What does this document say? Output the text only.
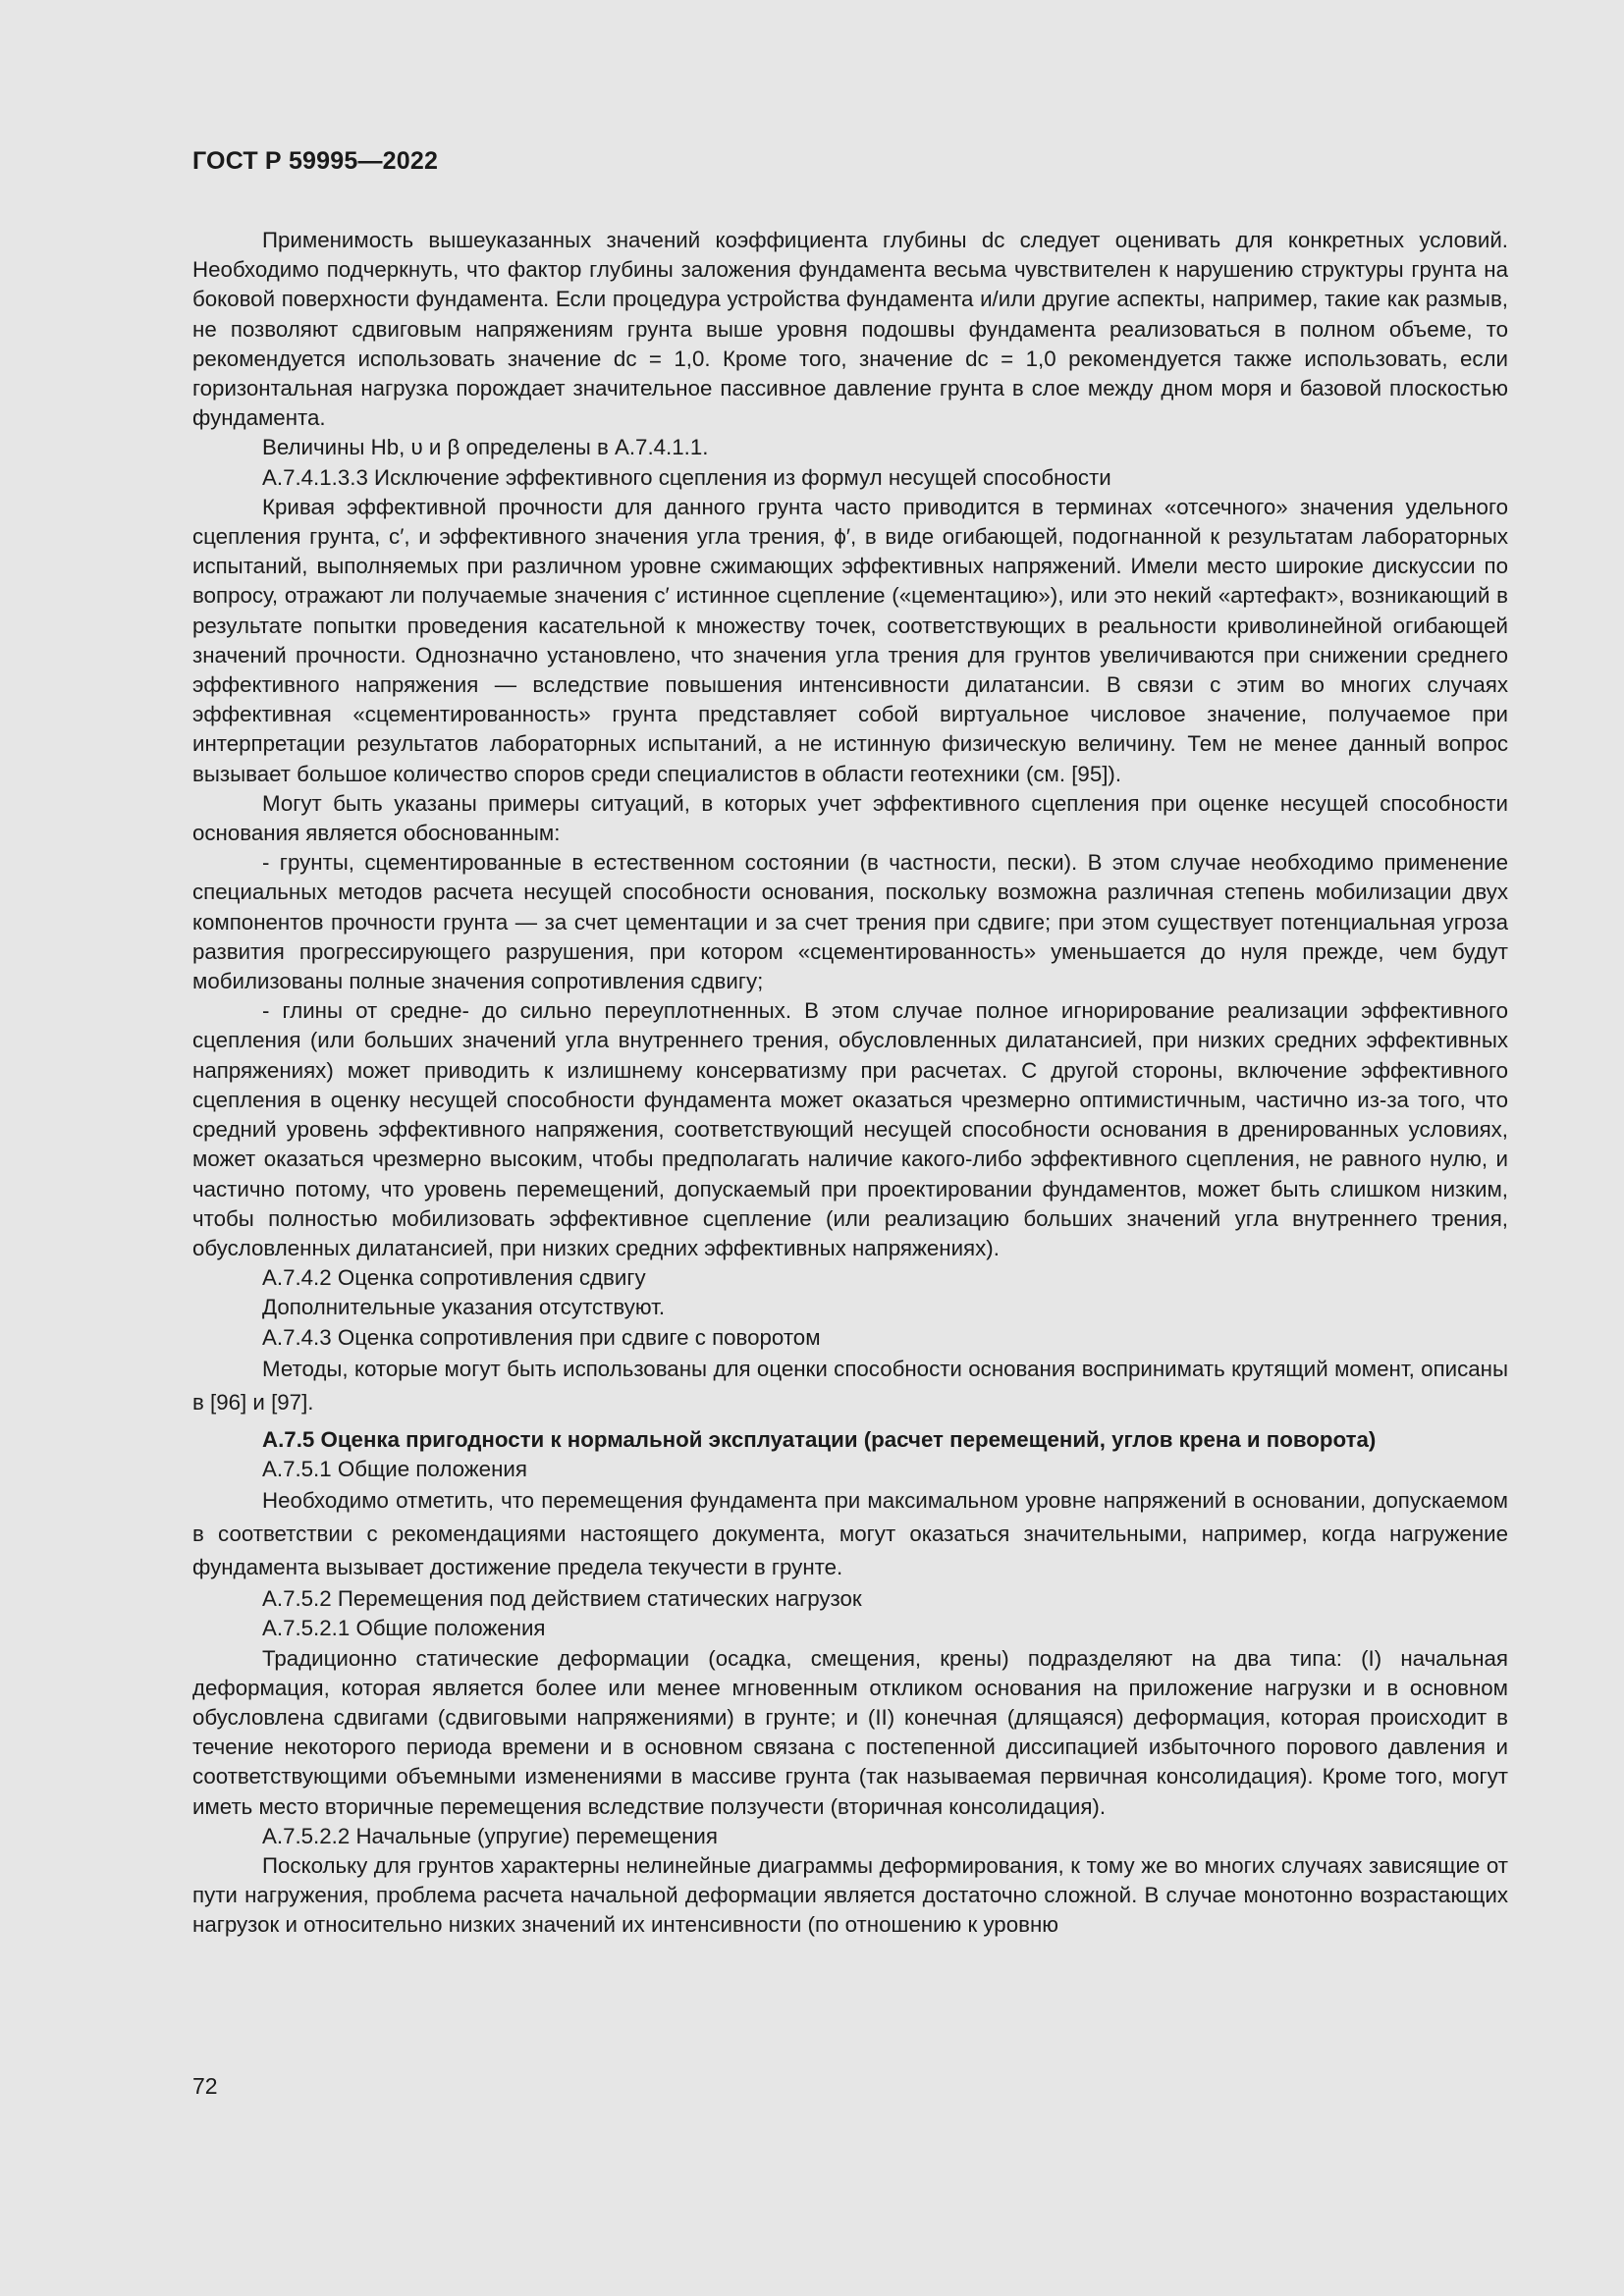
ГОСТ Р 59995—2022

Применимость вышеуказанных значений коэффициента глубины dc следует оценивать для конкретных условий. Необходимо подчеркнуть, что фактор глубины заложения фундамента весьма чувствителен к нарушению структуры грунта на боковой поверхности фундамента. Если процедура устройства фундамента и/или другие аспекты, например, такие как размыв, не позволяют сдвиговым напряжениям грунта выше уровня подошвы фундамента реализоваться в полном объеме, то рекомендуется использовать значение dc = 1,0. Кроме того, значение dc = 1,0 рекомендуется также использовать, если горизонтальная нагрузка порождает значительное пассивное давление грунта в слое между дном моря и базовой плоскостью фундамента.

Величины Hb, υ и β определены в А.7.4.1.1.

А.7.4.1.3.3 Исключение эффективного сцепления из формул несущей способности

Кривая эффективной прочности для данного грунта часто приводится в терминах «отсечного» значения удельного сцепления грунта, c′, и эффективного значения угла трения, ϕ′, в виде огибающей, подогнанной к результатам лабораторных испытаний, выполняемых при различном уровне сжимающих эффективных напряжений. Имели место широкие дискуссии по вопросу, отражают ли получаемые значения c′ истинное сцепление («цементацию»), или это некий «артефакт», возникающий в результате попытки проведения касательной к множеству точек, соответствующих в реальности криволинейной огибающей значений прочности. Однозначно установлено, что значения угла трения для грунтов увеличиваются при снижении среднего эффективного напряжения — вследствие повышения интенсивности дилатансии. В связи с этим во многих случаях эффективная «сцементированность» грунта представляет собой виртуальное числовое значение, получаемое при интерпретации результатов лабораторных испытаний, а не истинную физическую величину. Тем не менее данный вопрос вызывает большое количество споров среди специалистов в области геотехники (см. [95]).

Могут быть указаны примеры ситуаций, в которых учет эффективного сцепления при оценке несущей способности основания является обоснованным:

- грунты, сцементированные в естественном состоянии (в частности, пески). В этом случае необходимо применение специальных методов расчета несущей способности основания, поскольку возможна различная степень мобилизации двух компонентов прочности грунта — за счет цементации и за счет трения при сдвиге; при этом существует потенциальная угроза развития прогрессирующего разрушения, при котором «сцементированность» уменьшается до нуля прежде, чем будут мобилизованы полные значения сопротивления сдвигу;

- глины от средне- до сильно переуплотненных. В этом случае полное игнорирование реализации эффективного сцепления (или больших значений угла внутреннего трения, обусловленных дилатансией, при низких средних эффективных напряжениях) может приводить к излишнему консерватизму при расчетах. С другой стороны, включение эффективного сцепления в оценку несущей способности фундамента может оказаться чрезмерно оптимистичным, частично из-за того, что средний уровень эффективного напряжения, соответствующий несущей способности основания в дренированных условиях, может оказаться чрезмерно высоким, чтобы предполагать наличие какого-либо эффективного сцепления, не равного нулю, и частично потому, что уровень перемещений, допускаемый при проектировании фундаментов, может быть слишком низким, чтобы полностью мобилизовать эффективное сцепление (или реализацию больших значений угла внутреннего трения, обусловленных дилатансией, при низких средних эффективных напряжениях).

А.7.4.2 Оценка сопротивления сдвигу

Дополнительные указания отсутствуют.

А.7.4.3 Оценка сопротивления при сдвиге с поворотом

Методы, которые могут быть использованы для оценки способности основания воспринимать крутящий момент, описаны в [96] и [97].

А.7.5 Оценка пригодности к нормальной эксплуатации (расчет перемещений, углов крена и поворота)

А.7.5.1 Общие положения

Необходимо отметить, что перемещения фундамента при максимальном уровне напряжений в основании, допускаемом в соответствии с рекомендациями настоящего документа, могут оказаться значительными, например, когда нагружение фундамента вызывает достижение предела текучести в грунте.

А.7.5.2 Перемещения под действием статических нагрузок

А.7.5.2.1 Общие положения

Традиционно статические деформации (осадка, смещения, крены) подразделяют на два типа: (I) начальная деформация, которая является более или менее мгновенным откликом основания на приложение нагрузки и в основном обусловлена сдвигами (сдвиговыми напряжениями) в грунте; и (II) конечная (длящаяся) деформация, которая происходит в течение некоторого периода времени и в основном связана с постепенной диссипацией избыточного порового давления и соответствующими объемными изменениями в массиве грунта (так называемая первичная консолидация). Кроме того, могут иметь место вторичные перемещения вследствие ползучести (вторичная консолидация).

А.7.5.2.2 Начальные (упругие) перемещения

Поскольку для грунтов характерны нелинейные диаграммы деформирования, к тому же во многих случаях зависящие от пути нагружения, проблема расчета начальной деформации является достаточно сложной. В случае монотонно возрастающих нагрузок и относительно низких значений их интенсивности (по отношению к уровню

72
